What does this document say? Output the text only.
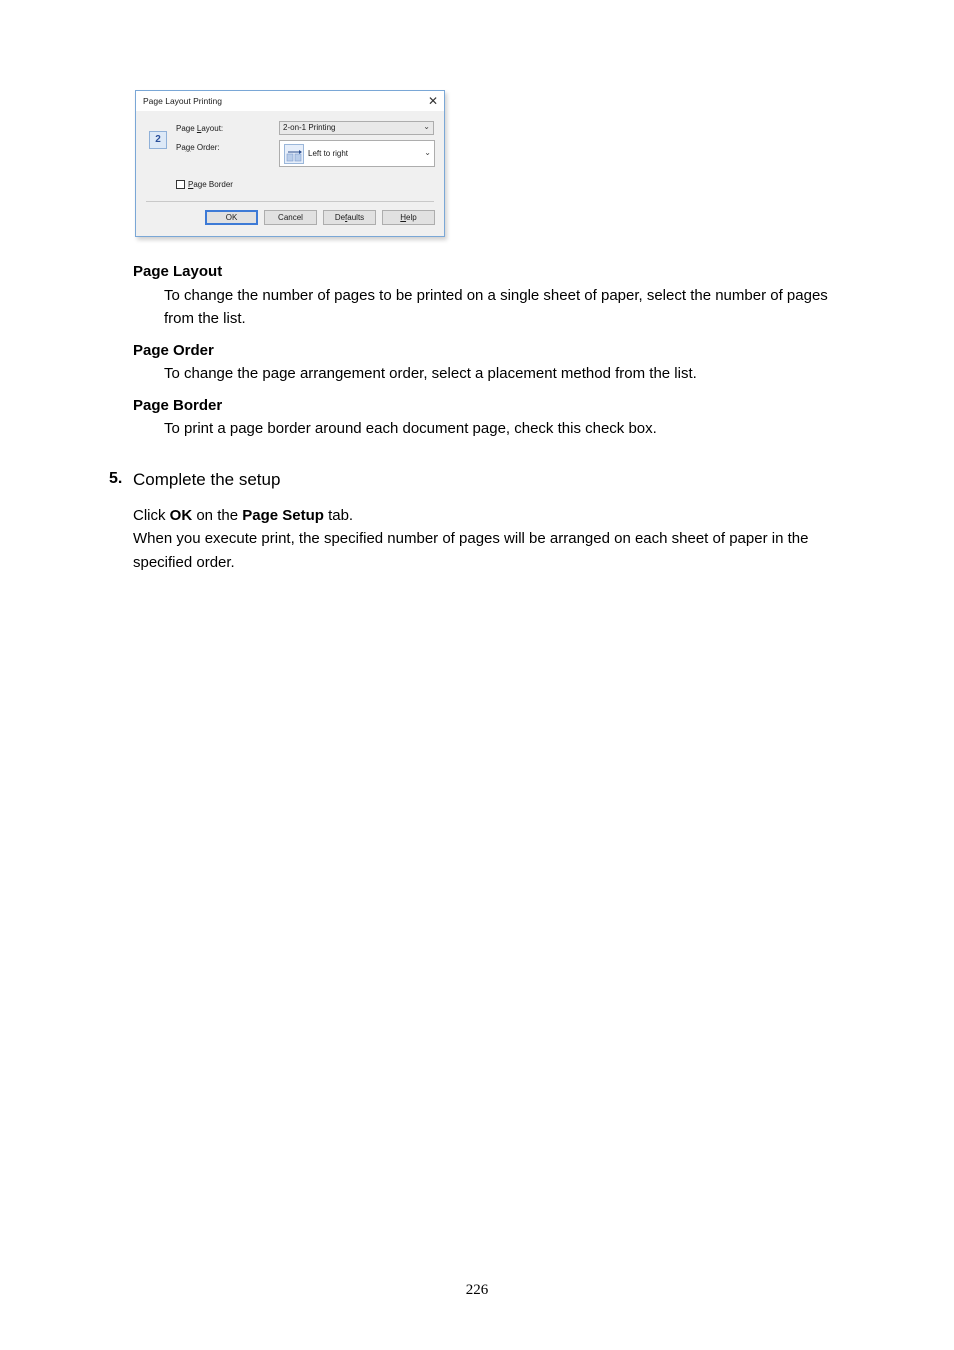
Page Layout Printing	✕
2
Page Layout:	2-on-1 Printing	⌄
Page Order:
Left to right	⌄
Page Border
OK	Cancel	Defaults	Help
Page Layout
To change the number of pages to be printed on a single sheet of paper, select the number of pages from the list.
Page Order
To change the page arrangement order, select a placement method from the list.
Page Border
To print a page border around each document page, check this check box.
5. Complete the setup
Click OK on the Page Setup tab.
When you execute print, the specified number of pages will be arranged on each sheet of paper in the specified order.
226
